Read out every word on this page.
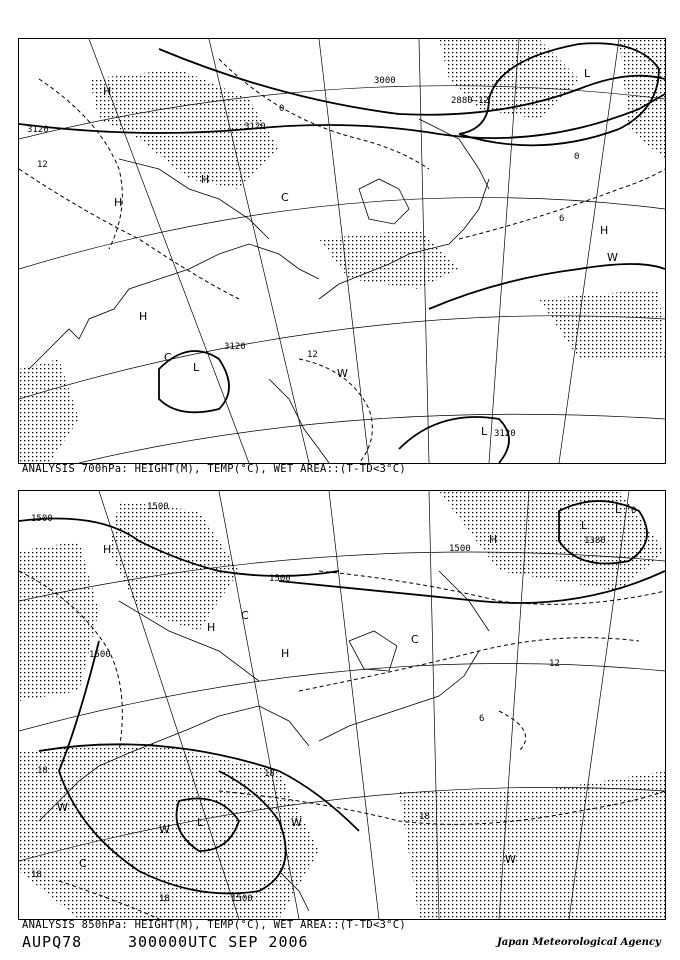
3120
3000
2880-12
3120
3120
3120
12
12
0
0
6
H
H
H
H
H
L
L
L
W
W
C
C
ANALYSIS 700hPa: HEIGHT(M), TEMP(°C), WET AREA::(T-TD<3°C)
1500
1500
1500
1500
1500
1380
1500
18	18
18
18
18
12
6
0
H
H
H
H
L
L
L
W
W
W
W
C
C
C
ANALYSIS 850hPa: HEIGHT(M), TEMP(°C), WET AREA::(T-TD<3°C)
AUPQ78	300000UTC SEP 2006	Japan Meteorological Agency
